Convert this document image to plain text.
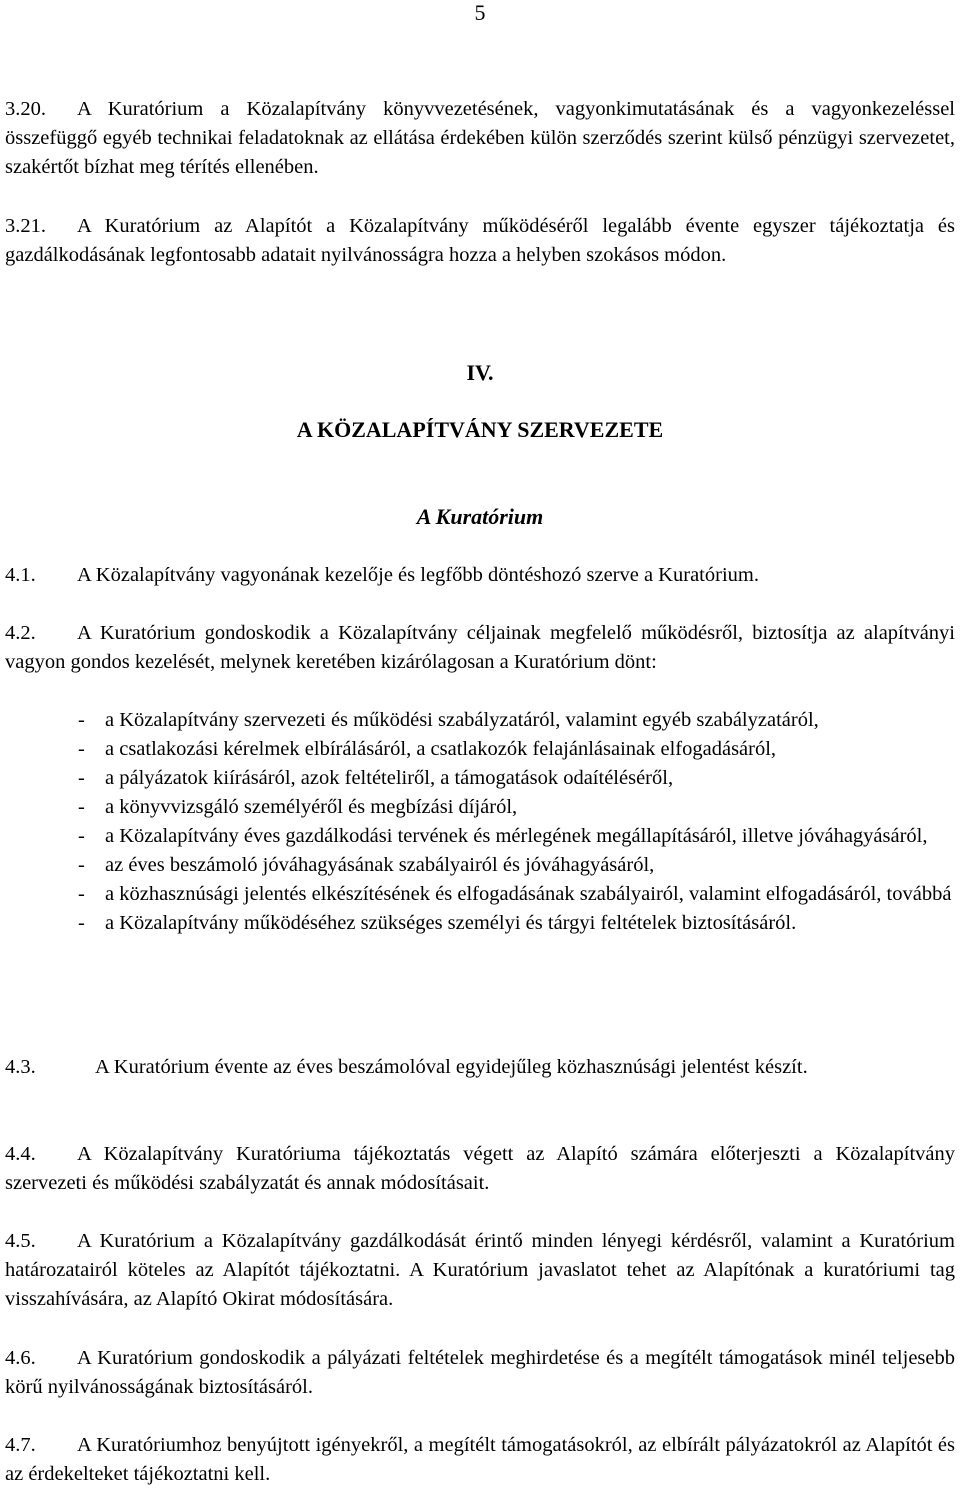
5

3.20. A Kuratórium a Közalapítvány könyvvezetésének, vagyonkimutatásának és a vagyonkezeléssel összefüggő egyéb technikai feladatoknak az ellátása érdekében külön szerződés szerint külső pénzügyi szervezetet, szakértőt bízhat meg térítés ellenében.

3.21. A Kuratórium az Alapítót a Közalapítvány működéséről legalább évente egyszer tájékoztatja és gazdálkodásának legfontosabb adatait nyilvánosságra hozza a helyben szokásos módon.

IV.
A KÖZALAPÍTVÁNY SZERVEZETE
A Kuratórium

4.1. A Közalapítvány vagyonának kezelője és legfőbb döntéshozó szerve a Kuratórium.

4.2. A Kuratórium gondoskodik a Közalapítvány céljainak megfelelő működésről, biztosítja az alapítványi vagyon gondos kezelését, melynek keretében kizárólagosan a Kuratórium dönt:

- a Közalapítvány szervezeti és működési szabályzatáról, valamint egyéb szabályzatáról,
- a csatlakozási kérelmek elbírálásáról, a csatlakozók felajánlásainak elfogadásáról,
- a pályázatok kiírásáról, azok feltételiről, a támogatások odaítéléséről,
- a könyvvizsgáló személyéről és megbízási díjáról,
- a Közalapítvány éves gazdálkodási tervének és mérlegének megállapításáról, illetve jóváhagyásáról,
- az éves beszámoló jóváhagyásának szabályairól és jóváhagyásáról,
- a közhasznúsági jelentés elkészítésének és elfogadásának szabályairól, valamint elfogadásáról, továbbá
- a Közalapítvány működéséhez szükséges személyi és tárgyi feltételek biztosításáról.

4.3.	A Kuratórium évente az éves beszámolóval egyidejűleg közhasznúsági jelentést készít.

4.4. A Közalapítvány Kuratóriuma tájékoztatás végett az Alapító számára előterjeszti a Közalapítvány szervezeti és működési szabályzatát és annak módosításait.

4.5. A Kuratórium a Közalapítvány gazdálkodását érintő minden lényegi kérdésről, valamint a Kuratórium határozatairól köteles az Alapítót tájékoztatni. A Kuratórium javaslatot tehet az Alapítónak a kuratóriumi tag visszahívására, az Alapító Okirat módosítására.

4.6. A Kuratórium gondoskodik a pályázati feltételek meghirdetése és a megítélt támogatások minél teljesebb körű nyilvánosságának biztosításáról.

4.7. A Kuratóriumhoz benyújtott igényekről, a megítélt támogatásokról, az elbírált pályázatokról az Alapítót és az érdekelteket tájékoztatni kell.
